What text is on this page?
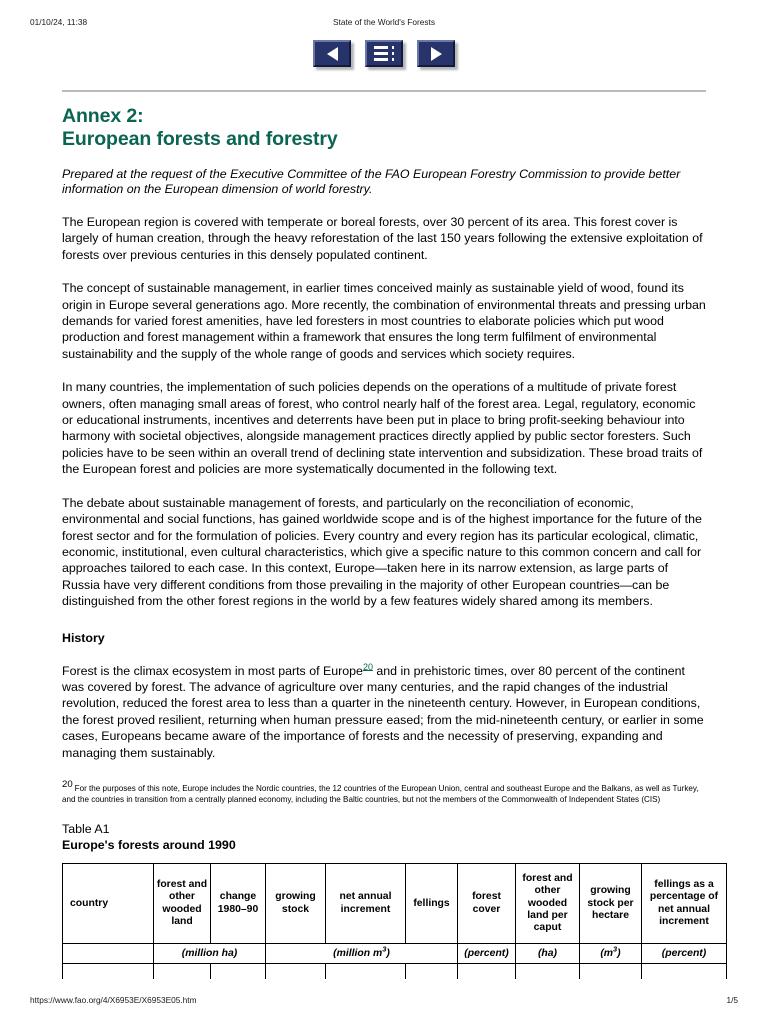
01/10/24, 11:38	State of the World's Forests
Annex 2:
European forests and forestry

Prepared at the request of the Executive Committee of the FAO European Forestry Commission to provide better information on the European dimension of world forestry.

The European region is covered with temperate or boreal forests, over 30 percent of its area. This forest cover is largely of human creation, through the heavy reforestation of the last 150 years following the extensive exploitation of forests over previous centuries in this densely populated continent.

The concept of sustainable management, in earlier times conceived mainly as sustainable yield of wood, found its origin in Europe several generations ago. More recently, the combination of environmental threats and pressing urban demands for varied forest amenities, have led foresters in most countries to elaborate policies which put wood production and forest management within a framework that ensures the long term fulfilment of environmental sustainability and the supply of the whole range of goods and services which society requires.

In many countries, the implementation of such policies depends on the operations of a multitude of private forest owners, often managing small areas of forest, who control nearly half of the forest area. Legal, regulatory, economic or educational instruments, incentives and deterrents have been put in place to bring profit-seeking behaviour into harmony with societal objectives, alongside management practices directly applied by public sector foresters. Such policies have to be seen within an overall trend of declining state intervention and subsidization. These broad traits of the European forest and policies are more systematically documented in the following text.

The debate about sustainable management of forests, and particularly on the reconciliation of economic, environmental and social functions, has gained worldwide scope and is of the highest importance for the future of the forest sector and for the formulation of policies. Every country and every region has its particular ecological, climatic, economic, institutional, even cultural characteristics, which give a specific nature to this common concern and call for approaches tailored to each case. In this context, Europe—taken here in its narrow extension, as large parts of Russia have very different conditions from those prevailing in the majority of other European countries—can be distinguished from the other forest regions in the world by a few features widely shared among its members.

History

Forest is the climax ecosystem in most parts of Europe$^{20}$ and in prehistoric times, over 80 percent of the continent was covered by forest. The advance of agriculture over many centuries, and the rapid changes of the industrial revolution, reduced the forest area to less than a quarter in the nineteenth century. However, in European conditions, the forest proved resilient, returning when human pressure eased; from the mid-nineteenth century, or earlier in some cases, Europeans became aware of the importance of forests and the necessity of preserving, expanding and managing them sustainably.

20 For the purposes of this note, Europe includes the Nordic countries, the 12 countries of the European Union, central and southeast Europe and the Balkans, as well as Turkey, and the countries in transition from a centrally planned economy, including the Baltic countries, but not the members of the Commonwealth of Independent States (CIS)

Table A1
Europe's forests around 1990
country	forest and other wooded land	change 1980–90	growing stock	net annual increment	fellings	forest cover	forest and other wooded land per caput	growing stock per hectare	fellings as a percentage of net annual increment
	(million ha)		(million $m^3$)			(percent)	(ha)	$(m^3)$	(percent)

https://www.fao.org/4/X6953E/X6953E05.htm	1/5
